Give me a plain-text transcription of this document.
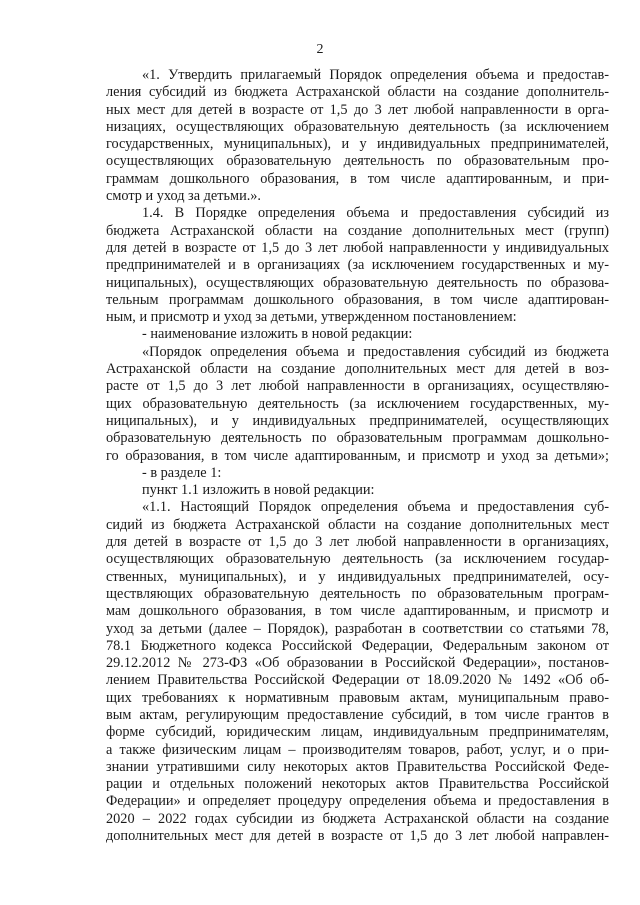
2
«1. Утвердить прилагаемый Порядок определения объема и предостав-
ления субсидий из бюджета Астраханской области на создание дополнитель-
ных мест для детей в возрасте от 1,5 до 3 лет любой направленности в орга-
низациях, осуществляющих образовательную деятельность (за исключением
государственных, муниципальных), и у индивидуальных предпринимателей,
осуществляющих образовательную деятельность по образовательным про-
граммам дошкольного образования, в том числе адаптированным, и при-
смотр и уход за детьми.».
1.4. В Порядке определения объема и предоставления субсидий из
бюджета Астраханской области на создание дополнительных мест (групп)
для детей в возрасте от 1,5 до 3 лет любой направленности у индивидуальных
предпринимателей и в организациях (за исключением государственных и му-
ниципальных), осуществляющих образовательную деятельность по образова-
тельным программам дошкольного образования, в том числе адаптирован-
ным, и присмотр и уход за детьми, утвержденном постановлением:
- наименование изложить в новой редакции:
«Порядок определения объема и предоставления субсидий из бюджета
Астраханской области на создание дополнительных мест для детей в воз-
расте от 1,5 до 3 лет любой направленности в организациях, осуществляю-
щих образовательную деятельность (за исключением государственных, му-
ниципальных), и у индивидуальных предпринимателей, осуществляющих
образовательную деятельность по образовательным программам дошкольно-
го образования, в том числе адаптированным, и присмотр и уход за детьми»;
- в разделе 1:
пункт 1.1 изложить в новой редакции:
«1.1. Настоящий Порядок определения объема и предоставления суб-
сидий из бюджета Астраханской области на создание дополнительных мест
для детей в возрасте от 1,5 до 3 лет любой направленности в организациях,
осуществляющих образовательную деятельность (за исключением государ-
ственных, муниципальных), и у индивидуальных предпринимателей, осу-
ществляющих образовательную деятельность по образовательным програм-
мам дошкольного образования, в том числе адаптированным, и присмотр и
уход за детьми (далее – Порядок), разработан в соответствии со статьями 78,
78.1 Бюджетного кодекса Российской Федерации, Федеральным законом от
29.12.2012 № 273-ФЗ «Об образовании в Российской Федерации», постанов-
лением Правительства Российской Федерации от 18.09.2020 № 1492 «Об об-
щих требованиях к нормативным правовым актам, муниципальным право-
вым актам, регулирующим предоставление субсидий, в том числе грантов в
форме субсидий, юридическим лицам, индивидуальным предпринимателям,
а также физическим лицам – производителям товаров, работ, услуг, и о при-
знании утратившими силу некоторых актов Правительства Российской Феде-
рации и отдельных положений некоторых актов Правительства Российской
Федерации» и определяет процедуру определения объема и предоставления в
2020 – 2022 годах субсидии из бюджета Астраханской области на создание
дополнительных мест для детей в возрасте от 1,5 до 3 лет любой направлен-
